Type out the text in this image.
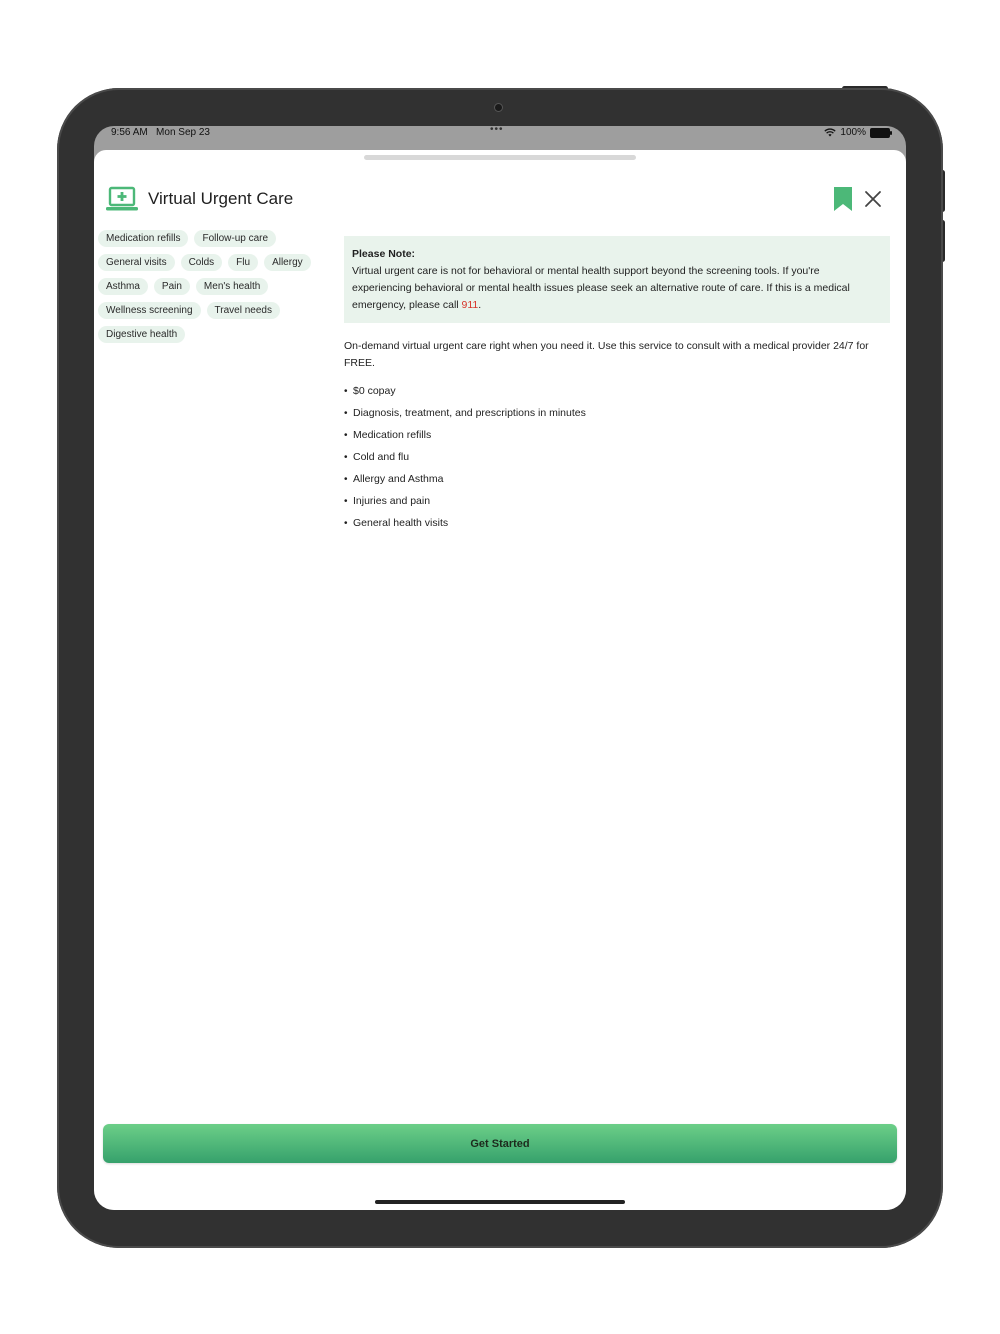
9:56 AM Mon Sep 23	•••	100%
Virtual Urgent Care
Medication refills	Follow-up care
General visits	Colds	Flu	Allergy
Asthma	Pain	Men's health
Wellness screening	Travel needs
Digestive health
Please Note:
Virtual urgent care is not for behavioral or mental health support beyond the screening tools. If you're experiencing behavioral or mental health issues please seek an alternative route of care. If this is a medical emergency, please call 911.
On-demand virtual urgent care right when you need it. Use this service to consult with a medical provider 24/7 for FREE.
• $0 copay
• Diagnosis, treatment, and prescriptions in minutes
• Medication refills
• Cold and flu
• Allergy and Asthma
• Injuries and pain
• General health visits
Get Started
